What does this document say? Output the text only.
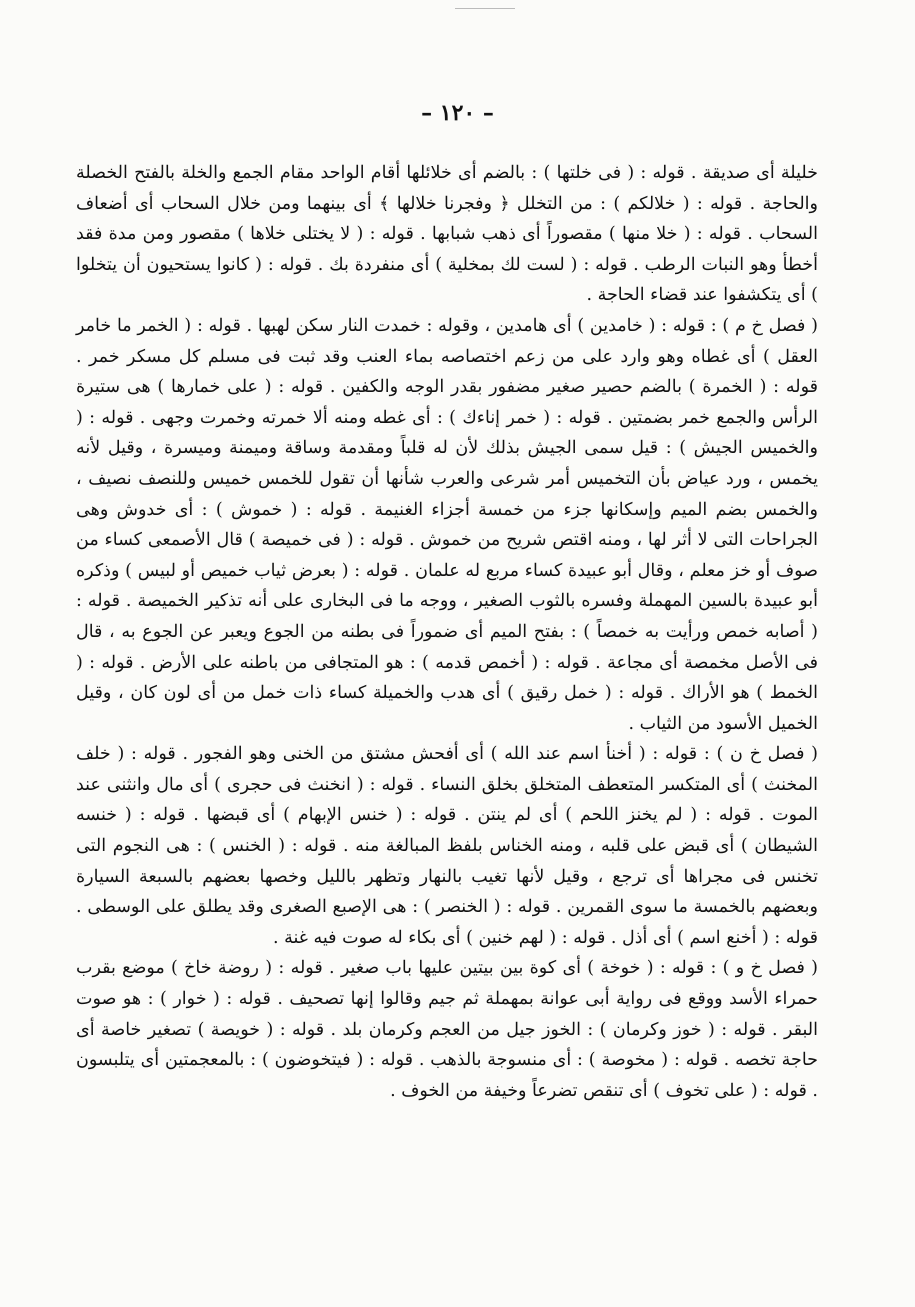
– ١٢٠ –

خليلة أى صديقة . قوله : ( فى خلتها ) : بالضم أى خلائلها أقام الواحد مقام الجمع والخلة بالفتح الخصلة والحاجة . قوله : ( خلالكم ) : من التخلل ﴿ وفجرنا خلالها ﴾ أى بينهما ومن خلال السحاب أى أضعاف السحاب . قوله : ( خلا منها ) مقصوراً أى ذهب شبابها . قوله : ( لا يختلى خلاها ) مقصور ومن مدة فقد أخطأ وهو النبات الرطب . قوله : ( لست لك بمخلية ) أى منفردة بك . قوله : ( كانوا يستحيون أن يتخلوا ) أى يتكشفوا عند قضاء الحاجة .

( فصل خ م ) : قوله : ( خامدين ) أى هامدين ، وقوله : خمدت النار سكن لهبها . قوله : ( الخمر ما خامر العقل ) أى غطاه وهو وارد على من زعم اختصاصه بماء العنب وقد ثبت فى مسلم كل مسكر خمر . قوله : ( الخمرة ) بالضم حصير صغير مضفور بقدر الوجه والكفين . قوله : ( على خمارها ) هى ستيرة الرأس والجمع خمر بضمتين . قوله : ( خمر إناءك ) : أى غطه ومنه ألا خمرته وخمرت وجهى . قوله : ( والخميس الجيش ) : قيل سمى الجيش بذلك لأن له قلباً ومقدمة وساقة وميمنة وميسرة ، وقيل لأنه يخمس ، ورد عياض بأن التخميس أمر شرعى والعرب شأنها أن تقول للخمس خميس وللنصف نصيف ، والخمس بضم الميم وإسكانها جزء من خمسة أجزاء الغنيمة . قوله : ( خموش ) : أى خدوش وهى الجراحات التى لا أثر لها ، ومنه اقتص شريح من خموش . قوله : ( فى خميصة ) قال الأصمعى كساء من صوف أو خز معلم ، وقال أبو عبيدة كساء مربع له علمان . قوله : ( بعرض ثياب خميص أو لبيس ) وذكره أبو عبيدة بالسين المهملة وفسره بالثوب الصغير ، ووجه ما فى البخارى على أنه تذكير الخميصة . قوله : ( أصابه خمص ورأيت به خمصاً ) : بفتح الميم أى ضموراً فى بطنه من الجوع ويعبر عن الجوع به ، قال فى الأصل مخمصة أى مجاعة . قوله : ( أخمص قدمه ) : هو المتجافى من باطنه على الأرض . قوله : ( الخمط ) هو الأراك . قوله : ( خمل رقيق ) أى هدب والخميلة كساء ذات خمل من أى لون كان ، وقيل الخميل الأسود من الثياب .

( فصل خ ن ) : قوله : ( أخنأ اسم عند الله ) أى أفحش مشتق من الخنى وهو الفجور . قوله : ( خلف المخنث ) أى المتكسر المتعطف المتخلق بخلق النساء . قوله : ( انخنث فى حجرى ) أى مال وانثنى عند الموت . قوله : ( لم يخنز اللحم ) أى لم ينتن . قوله : ( خنس الإبهام ) أى قبضها . قوله : ( خنسه الشيطان ) أى قبض على قلبه ، ومنه الخناس بلفظ المبالغة منه . قوله : ( الخنس ) : هى النجوم التى تخنس فى مجراها أى ترجع ، وقيل لأنها تغيب بالنهار وتظهر بالليل وخصها بعضهم بالسبعة السيارة وبعضهم بالخمسة ما سوى القمرين . قوله : ( الخنصر ) : هى الإصبع الصغرى وقد يطلق على الوسطى . قوله : ( أخنع اسم ) أى أذل . قوله : ( لهم خنين ) أى بكاء له صوت فيه غنة .

( فصل خ و ) : قوله : ( خوخة ) أى كوة بين بيتين عليها باب صغير . قوله : ( روضة خاخ ) موضع بقرب حمراء الأسد ووقع فى رواية أبى عوانة بمهملة ثم جيم وقالوا إنها تصحيف . قوله : ( خوار ) : هو صوت البقر . قوله : ( خوز وكرمان ) : الخوز جيل من العجم وكرمان بلد . قوله : ( خويصة ) تصغير خاصة أى حاجة تخصه . قوله : ( مخوصة ) : أى منسوجة بالذهب . قوله : ( فيتخوضون ) : بالمعجمتين أى يتلبسون . قوله : ( على تخوف ) أى تنقص تضرعاً وخيفة من الخوف .
